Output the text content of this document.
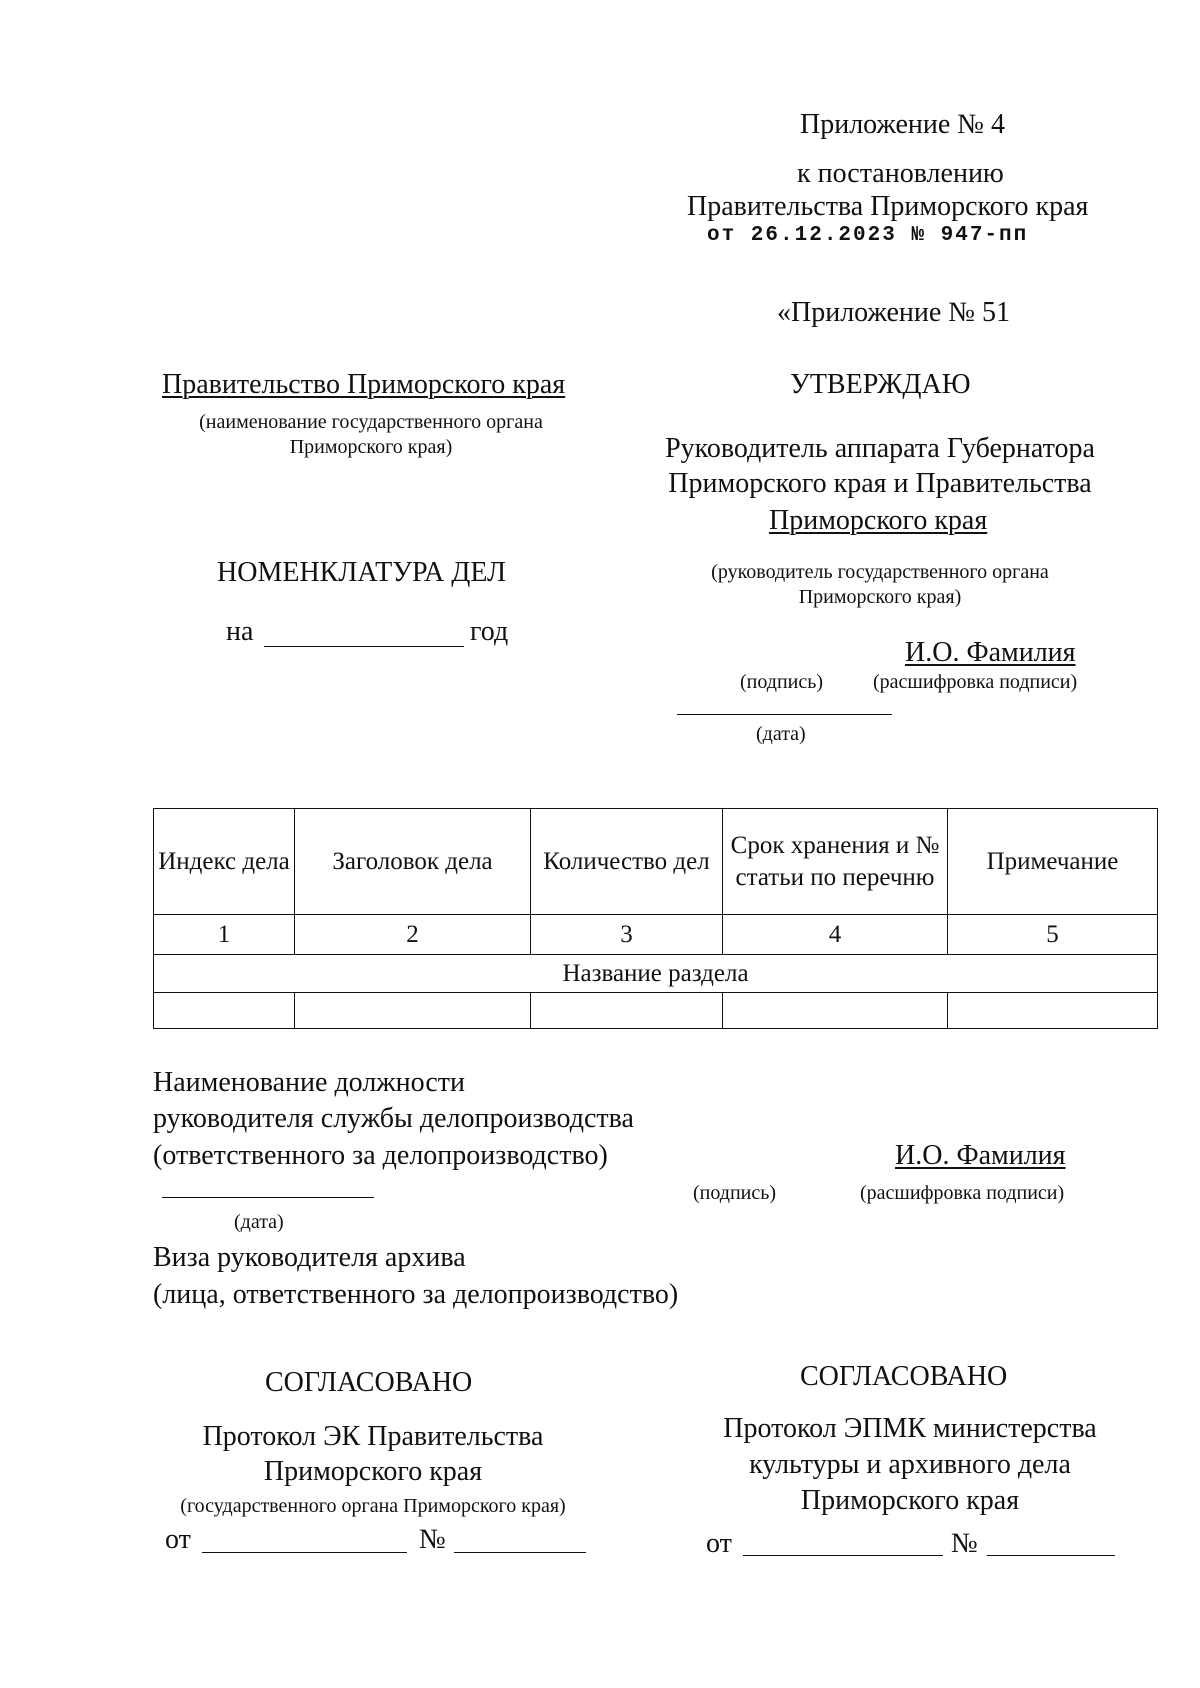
Приложение № 4
к постановлению
Правительства Приморского края
от 26.12.2023 № 947-пп
«Приложение № 51
Правительство Приморского края
(наименование государственного органа Приморского края)
НОМЕНКЛАТУРА ДЕЛ
на	год
УТВЕРЖДАЮ
Руководитель аппарата Губернатора
Приморского края и Правительства
Приморского края
(руководитель государственного органа Приморского края)
И.О. Фамилия
(подпись) (расшифровка подписи)
(дата)
Индекс дела	Заголовок дела	Количество дел	Срок хранения и № статьи по перечню	Примечание
1	2	3	4	5
Название раздела				

Наименование должности
руководителя службы делопроизводства
(ответственного за делопроизводство)	И.О. Фамилия
(подпись)	(расшифровка подписи)
(дата)
Виза руководителя архива
(лица, ответственного за делопроизводство)
СОГЛАСОВАНО
Протокол ЭК Правительства
Приморского края
(государственного органа Приморского края)
от	№
СОГЛАСОВАНО
Протокол ЭПМК министерства
культуры и архивного дела
Приморского края
от	№
